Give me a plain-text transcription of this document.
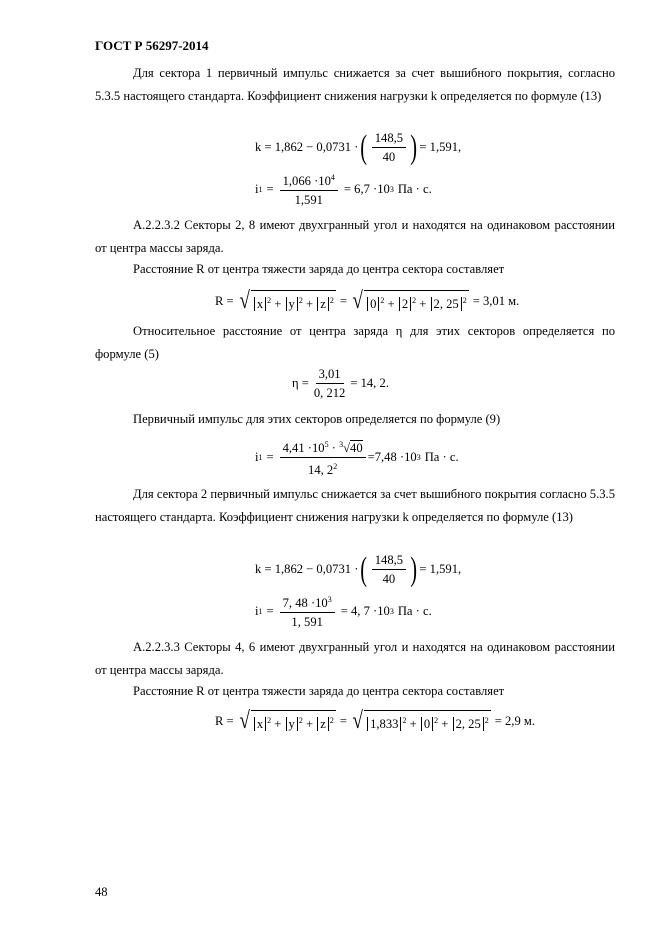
ГОСТ Р 56297-2014
Для сектора 1 первичный импульс снижается за счет вышибного покрытия, согласно 5.3.5 настоящего стандарта. Коэффициент снижения нагрузки k определяется по формуле (13)
k = 1,862 − 0,0731 · ( $\frac{148,5}{40}$ ) = 1,591,
i $1 = \frac{1,066 \cdot 10^4}{1,591} = 6,7 \cdot 10$ 3 Па · с.
А.2.2.3.2 Секторы 2, 8 имеют двухгранный угол и находятся на одинаковом расстоянии от центра массы заряда.
Расстояние R от центра тяжести заряда до центра сектора составляет
R = √ x $^2$ + y $^2$ + z $^2$ = √ 0 $^2$ + 2 $^2$ + 2, 25 $^2$ = 3,01 м.
Относительное расстояние от центра заряда η для этих секторов определяется по формуле (5)
$\eta = \frac{3,01}{0, 212} = 14$, 2.
Первичный импульс для этих секторов определяется по формуле (9)
i $1 = \frac{4,41 \cdot 10^5 \cdot ^3√40}{14, 2^2} =7,48 \cdot 10$ 3 Па · с.
Для сектора 2 первичный импульс снижается за счет вышибного покрытия согласно 5.3.5 настоящего стандарта. Коэффициент снижения нагрузки k определяется по формуле (13)
k = 1,862 − 0,0731 · ( $\frac{148,5}{40}$ ) = 1,591,
i $1 = \frac{7, 48 \cdot 10^3}{1, 591} = 4$, 7 ·10 3 Па · с.
А.2.2.3.3 Секторы 4, 6 имеют двухгранный угол и находятся на одинаковом расстоянии от центра массы заряда.
Расстояние R от центра тяжести заряда до центра сектора составляет
R = √ x $^2$ + y $^2$ + z $^2$ = √ 1,833 $^2$ + 0 $^2$ + 2, 25 $^2$ = 2,9 м.
48
